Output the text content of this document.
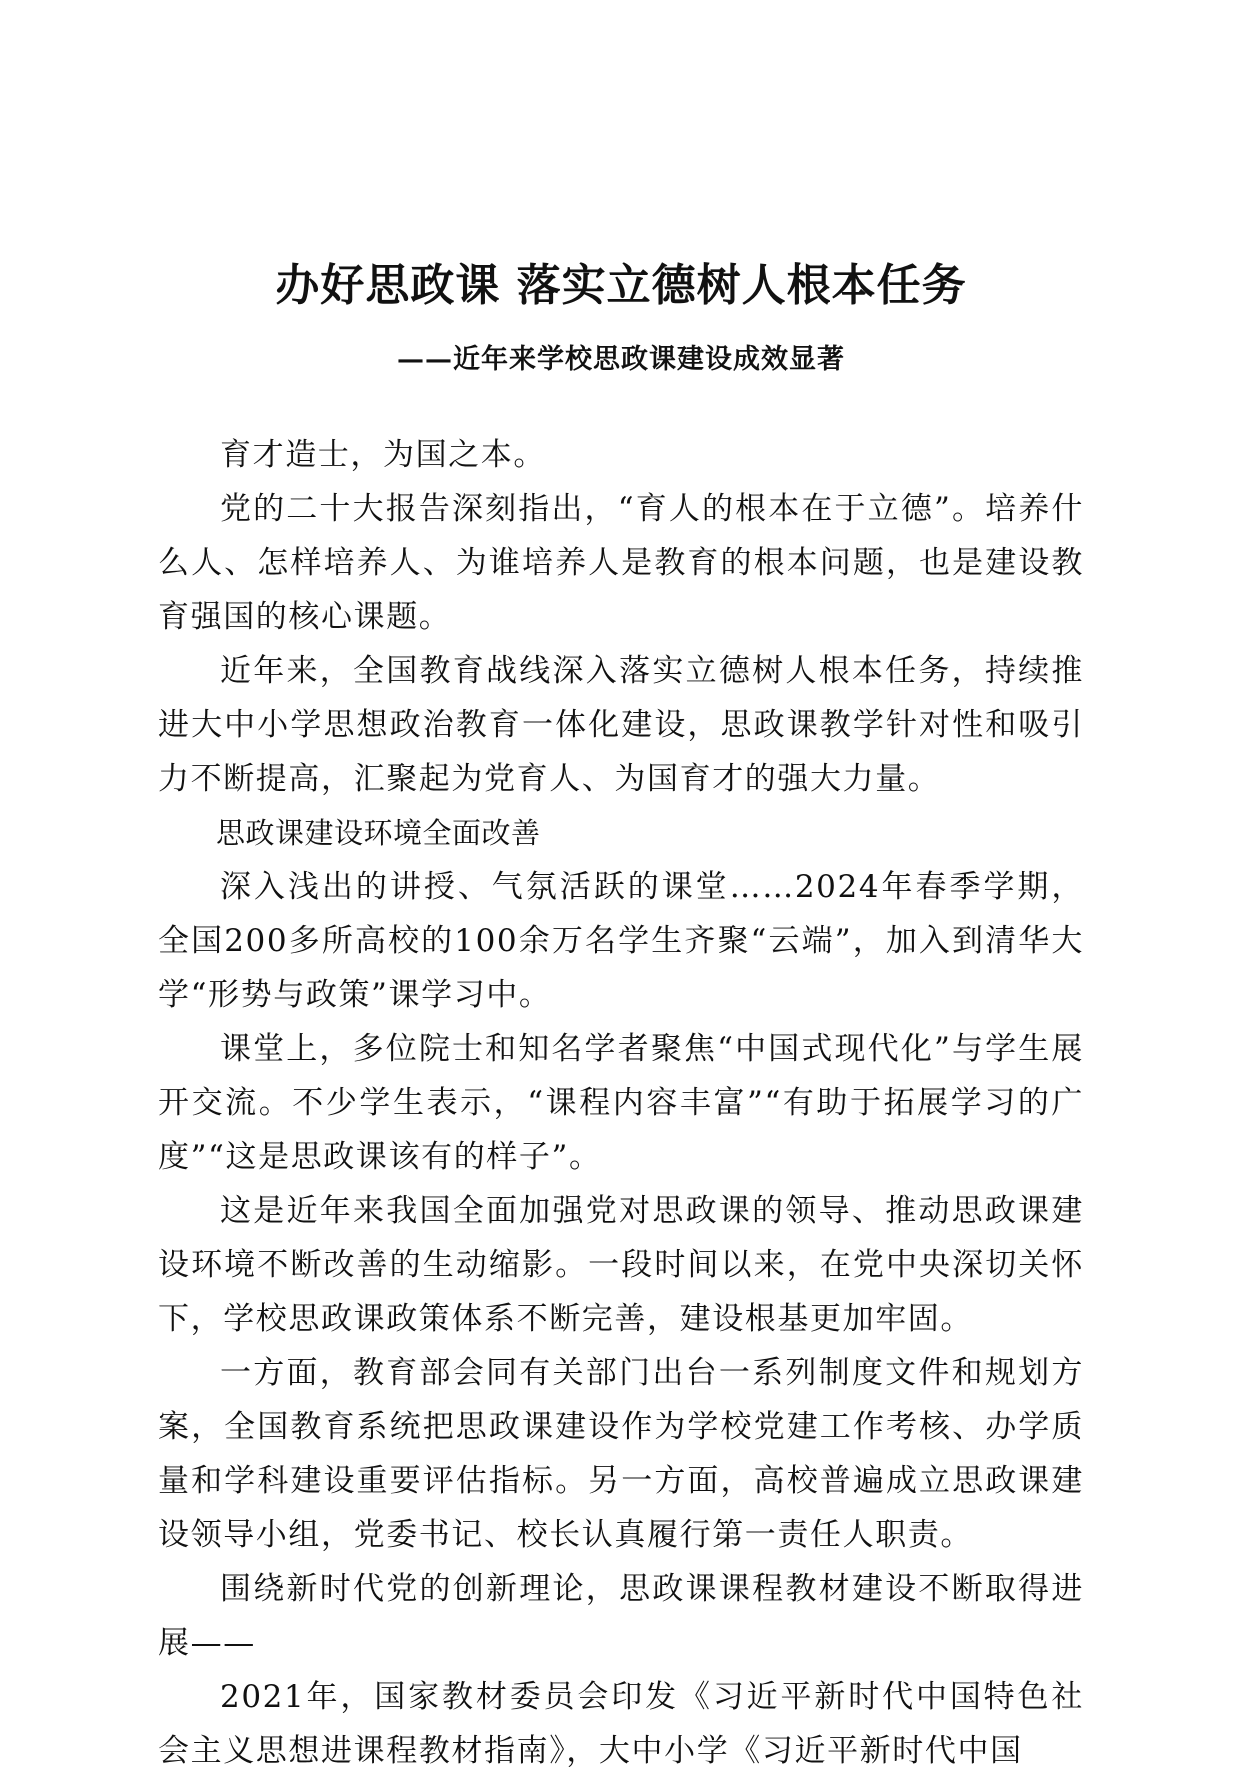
办好思政课 落实立德树人根本任务
——近年来学校思政课建设成效显著

育才造士，为国之本。

党的二十大报告深刻指出，“育人的根本在于立德”。培养什么人、怎样培养人、为谁培养人是教育的根本问题，也是建设教育强国的核心课题。

近年来，全国教育战线深入落实立德树人根本任务，持续推进大中小学思想政治教育一体化建设，思政课教学针对性和吸引力不断提高，汇聚起为党育人、为国育才的强大力量。

思政课建设环境全面改善

深入浅出的讲授、气氛活跃的课堂……2024年春季学期，全国200多所高校的100余万名学生齐聚“云端”，加入到清华大学“形势与政策”课学习中。

课堂上，多位院士和知名学者聚焦“中国式现代化”与学生展开交流。不少学生表示，“课程内容丰富”“有助于拓展学习的广度”“这是思政课该有的样子”。

这是近年来我国全面加强党对思政课的领导、推动思政课建设环境不断改善的生动缩影。一段时间以来，在党中央深切关怀下，学校思政课政策体系不断完善，建设根基更加牢固。

一方面，教育部会同有关部门出台一系列制度文件和规划方案，全国教育系统把思政课建设作为学校党建工作考核、办学质量和学科建设重要评估指标。另一方面，高校普遍成立思政课建设领导小组，党委书记、校长认真履行第一责任人职责。

围绕新时代党的创新理论，思政课课程教材建设不断取得进展——

2021年，国家教材委员会印发《习近平新时代中国特色社会主义思想进课程教材指南》，大中小学《习近平新时代中国
